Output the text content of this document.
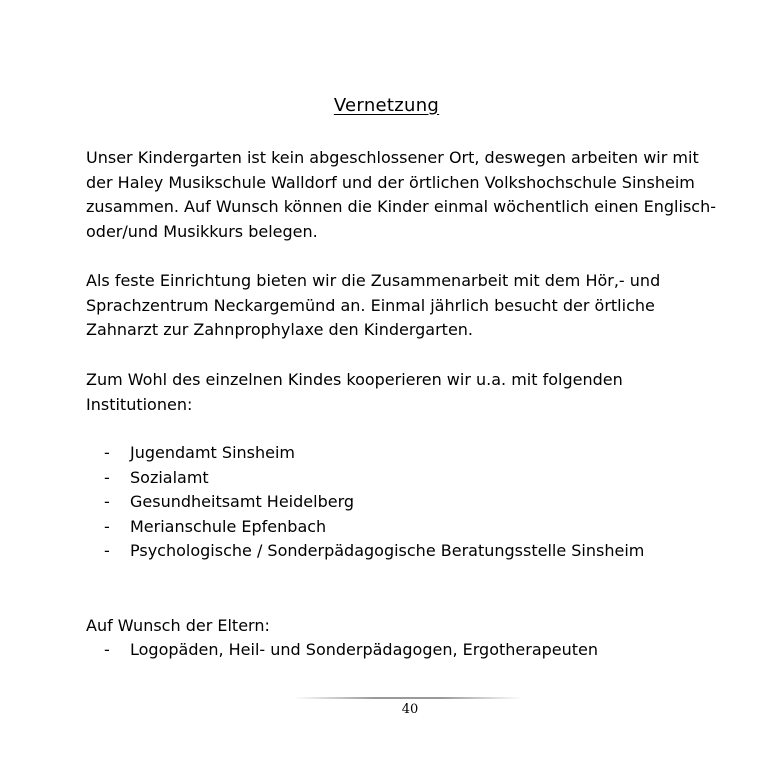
Vernetzung
Unser Kindergarten ist kein abgeschlossener Ort, deswegen arbeiten wir mit
der Haley Musikschule Walldorf und der örtlichen Volkshochschule Sinsheim
zusammen. Auf Wunsch können die Kinder einmal wöchentlich einen Englisch-
oder/und Musikkurs belegen.
Als feste Einrichtung bieten wir die Zusammenarbeit mit dem Hör,- und
Sprachzentrum Neckargemünd an. Einmal jährlich besucht der örtliche
Zahnarzt zur Zahnprophylaxe den Kindergarten.
Zum Wohl des einzelnen Kindes kooperieren wir u.a. mit folgenden
Institutionen:
-	Jugendamt Sinsheim
-	Sozialamt
-	Gesundheitsamt Heidelberg
-	Merianschule Epfenbach
-	Psychologische / Sonderpädagogische Beratungsstelle Sinsheim
Auf Wunsch der Eltern:
-	Logopäden, Heil- und Sonderpädagogen, Ergotherapeuten
40
